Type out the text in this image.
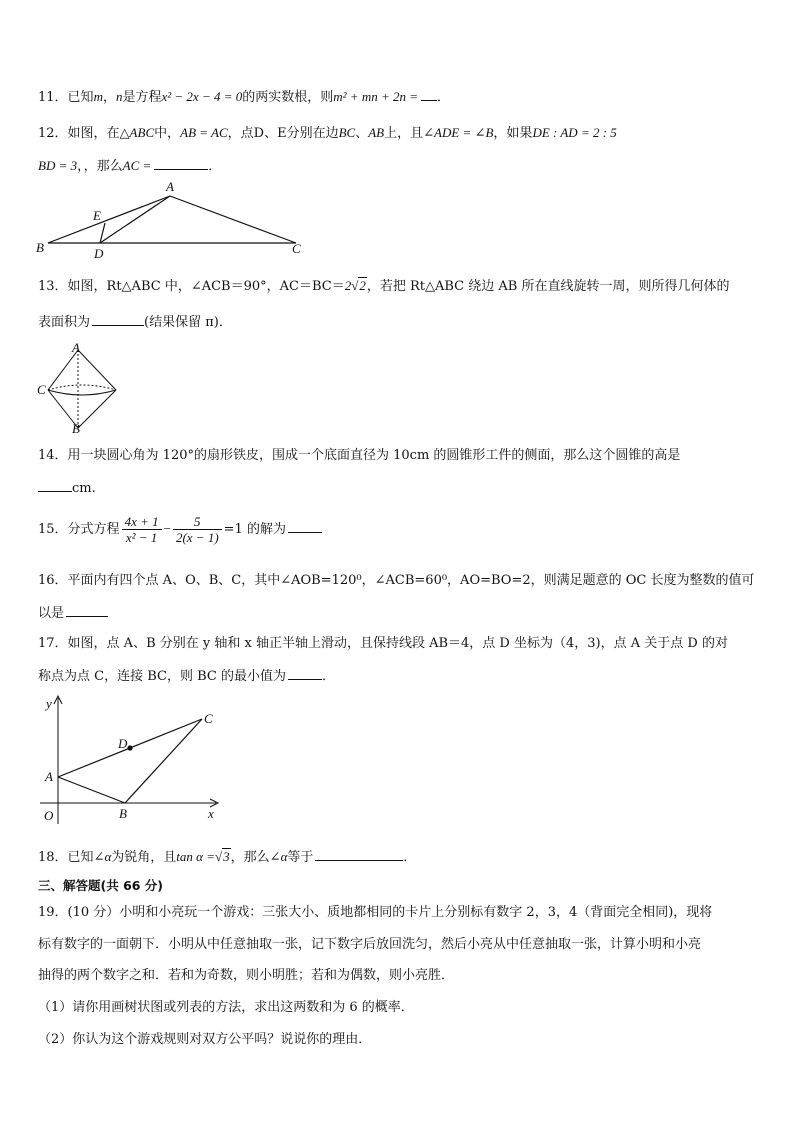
11．已知m，n是方程x² − 2x − 4 = 0的两实数根，则m² + mn + 2n = ．
12．如图，在△ABC中，AB = AC，点D、E分别在边BC、AB上，且∠ADE = ∠B，如果DE : AD = 2 : 5
BD = 3，，那么AC =	．
A
B	C
D
E
13．如图，Rt△ABC 中，∠ACB＝90°，AC＝BC＝2√2，若把 Rt△ABC 绕边 AB 所在直线旋转一周，则所得几何体的
表面积为	(结果保留 π)．
A
C
B
14．用一块圆心角为 120°的扇形铁皮，围成一个底面直径为 10cm 的圆锥形工件的侧面，那么这个圆锥的高是
cm.
15．分式方程 $\frac{4x + 1}{\text{x² − 1}} - \frac{5}{2(x - 1)} =1$ 的解为
16．平面内有四个点 A、O、B、C，其中∠AOB=120⁰，∠ACB=60⁰，AO=BO=2，则满足题意的 OC 长度为整数的值可
以是
17．如图，点 A、B 分别在 y 轴和 x 轴正半轴上滑动，且保持线段 AB＝4，点 D 坐标为（4，3)，点 A 关于点 D 的对
称点为点 C，连接 BC，则 BC 的最小值为	．
y
x
O
A
B
C
D
18．已知∠α为锐角，且tan α =√3，那么∠α等于	．
三、解答题(共 66 分)
19．(10 分）小明和小亮玩一个游戏：三张大小、质地都相同的卡片上分别标有数字 2，3，4（背面完全相同)，现将
标有数字的一面朝下．小明从中任意抽取一张，记下数字后放回洗匀，然后小亮从中任意抽取一张，计算小明和小亮
抽得的两个数字之和．若和为奇数，则小明胜；若和为偶数，则小亮胜．
（1）请你用画树状图或列表的方法，求出这两数和为 6 的概率．
（2）你认为这个游戏规则对双方公平吗？说说你的理由．
